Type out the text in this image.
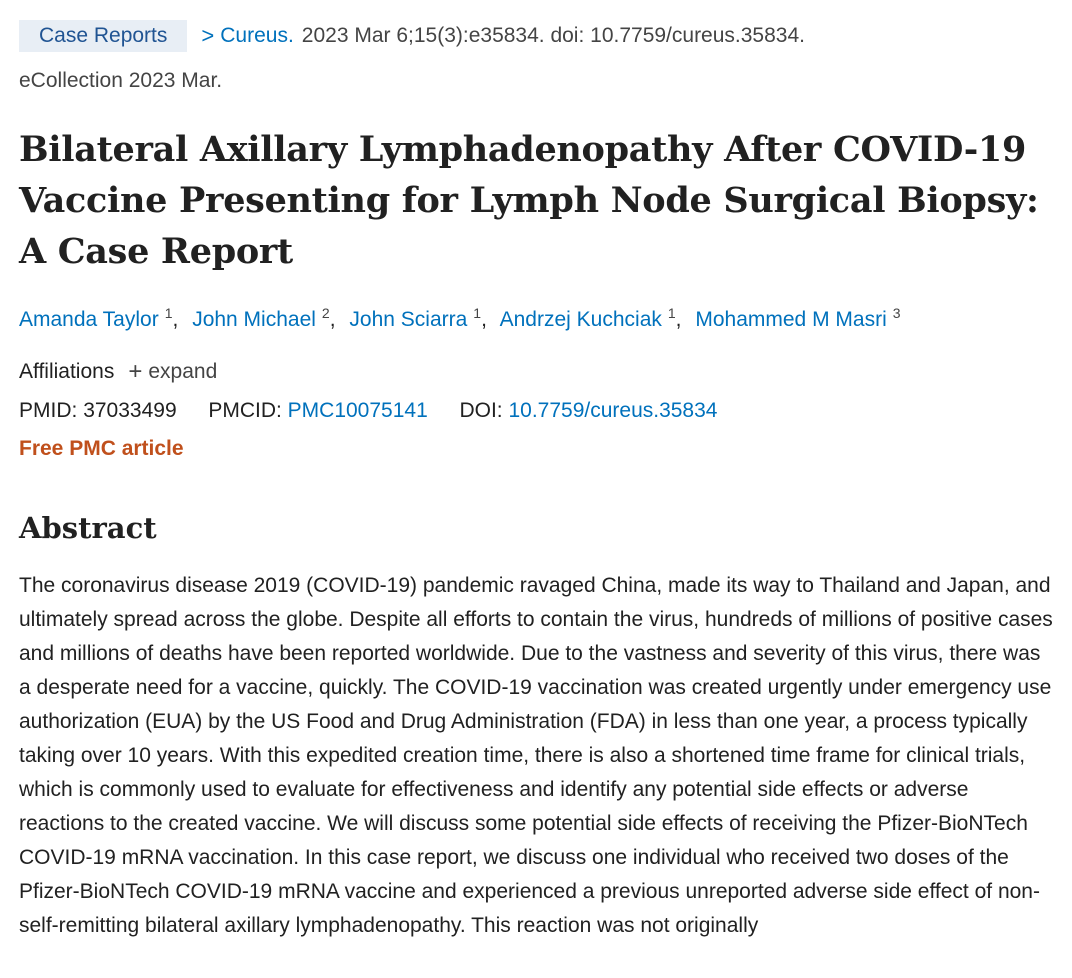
Case Reports	> Cureus. 2023 Mar 6;15(3):e35834. doi: 10.7759/cureus.35834.
eCollection 2023 Mar.
Bilateral Axillary Lymphadenopathy After COVID-19 Vaccine Presenting for Lymph Node Surgical Biopsy: A Case Report
Amanda Taylor $^1$, John Michael $^2$, John Sciarra $^1$, Andrzej Kuchciak $^1$, Mohammed M Masri $^3$
Affiliations + expand
PMID: 37033499 PMCID: PMC10075141 DOI: 10.7759/cureus.35834
Free PMC article
Abstract

The coronavirus disease 2019 (COVID-19) pandemic ravaged China, made its way to Thailand and Japan, and ultimately spread across the globe. Despite all efforts to contain the virus, hundreds of millions of positive cases and millions of deaths have been reported worldwide. Due to the vastness and severity of this virus, there was a desperate need for a vaccine, quickly. The COVID-19 vaccination was created urgently under emergency use authorization (EUA) by the US Food and Drug Administration (FDA) in less than one year, a process typically taking over 10 years. With this expedited creation time, there is also a shortened time frame for clinical trials, which is commonly used to evaluate for effectiveness and identify any potential side effects or adverse reactions to the created vaccine. We will discuss some potential side effects of receiving the Pfizer-BioNTech COVID-19 mRNA vaccination. In this case report, we discuss one individual who received two doses of the Pfizer-BioNTech COVID-19 mRNA vaccine and experienced a previous unreported adverse side effect of non-self-remitting bilateral axillary lymphadenopathy. This reaction was not originally
